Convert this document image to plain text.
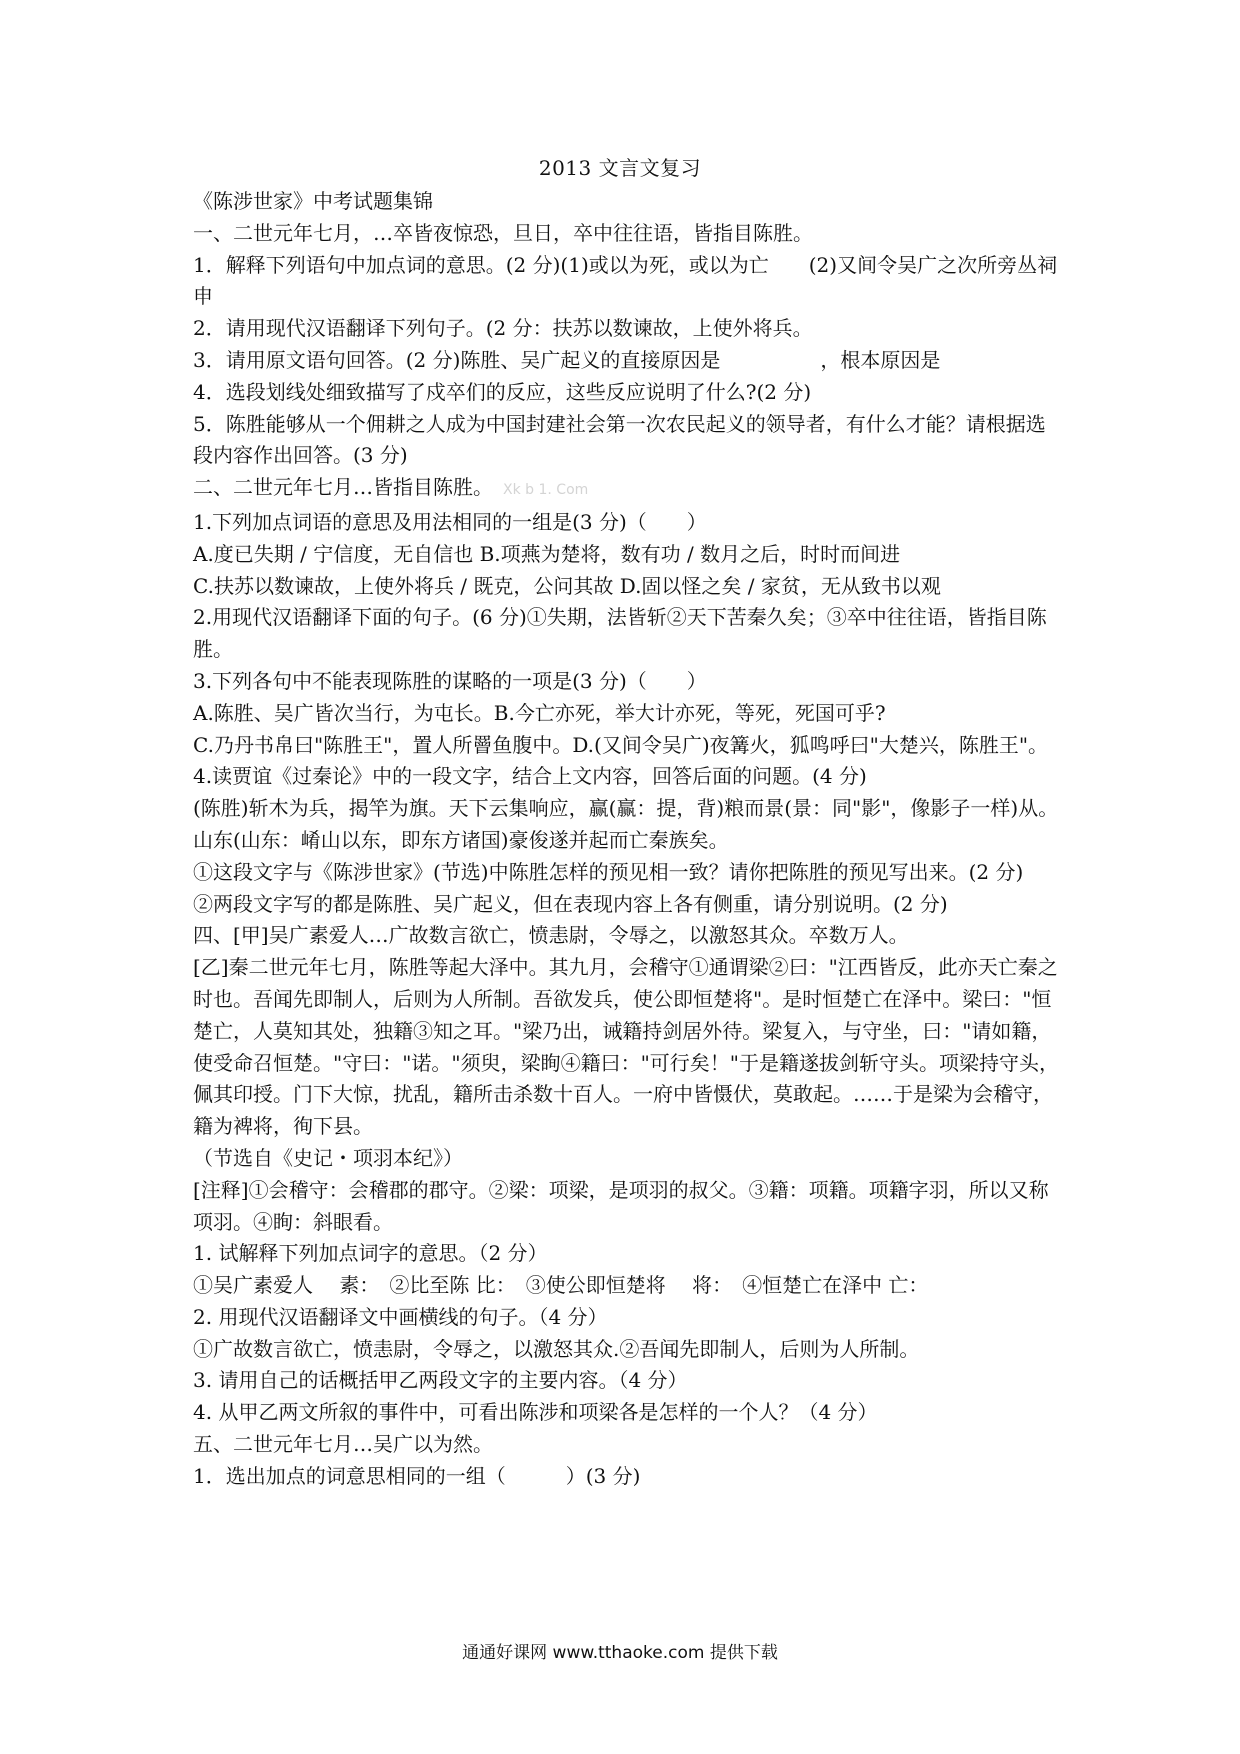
2013 文言文复习

《陈涉世家》中考试题集锦

一、二世元年七月，…卒皆夜惊恐，旦日，卒中往往语，皆指目陈胜。

1．解释下列语句中加点词的意思。(2 分)(1)或以为死，或以为亡　　(2)又间令吴广之次所旁丛祠申

2．请用现代汉语翻译下列句子。(2 分：扶苏以数谏故，上使外将兵。

3．请用原文语句回答。(2 分)陈胜、吴广起义的直接原因是　　　　　，根本原因是

4．选段划线处细致描写了戍卒们的反应，这些反应说明了什么?(2 分)

5．陈胜能够从一个佣耕之人成为中国封建社会第一次农民起义的领导者，有什么才能？请根据选段内容作出回答。(3 分)

二、二世元年七月…皆指目陈胜。 Xk b 1. Com

1.下列加点词语的意思及用法相同的一组是(3 分)（　　）

A.度已失期 / 宁信度，无自信也 B.项燕为楚将，数有功 / 数月之后，时时而间进

C.扶苏以数谏故，上使外将兵 / 既克，公问其故 D.固以怪之矣 / 家贫，无从致书以观

2.用现代汉语翻译下面的句子。(6 分)①失期，法皆斩②天下苦秦久矣；③卒中往往语，皆指目陈胜。

3.下列各句中不能表现陈胜的谋略的一项是(3 分)（　　）

A.陈胜、吴广皆次当行，为屯长。B.今亡亦死，举大计亦死，等死，死国可乎?

C.乃丹书帛曰"陈胜王"，置人所罾鱼腹中。D.(又间令吴广)夜篝火，狐鸣呼曰"大楚兴，陈胜王"。

4.读贾谊《过秦论》中的一段文字，结合上文内容，回答后面的问题。(4 分)

(陈胜)斩木为兵，揭竿为旗。天下云集响应，赢(赢：提，背)粮而景(景：同"影"，像影子一样)从。山东(山东：崤山以东，即东方诸国)豪俊遂并起而亡秦族矣。

①这段文字与《陈涉世家》(节选)中陈胜怎样的预见相一致？请你把陈胜的预见写出来。(2 分)

②两段文字写的都是陈胜、吴广起义，但在表现内容上各有侧重，请分别说明。(2 分)

四、[甲]吴广素爱人…广故数言欲亡，愤恚尉，令辱之，以激怒其众。卒数万人。

[乙]秦二世元年七月，陈胜等起大泽中。其九月，会稽守①通谓梁②曰："江西皆反，此亦天亡秦之时也。吾闻先即制人，后则为人所制。吾欲发兵，使公即恒楚将"。是时恒楚亡在泽中。梁曰："恒楚亡，人莫知其处，独籍③知之耳。"梁乃出，诫籍持剑居外待。梁复入，与守坐，曰："请如籍，使受命召恒楚。"守曰："诺。"须臾，梁眴④籍曰："可行矣！"于是籍遂拔剑斩守头。项梁持守头，佩其印授。门下大惊，扰乱，籍所击杀数十百人。一府中皆慑伏，莫敢起。……于是梁为会稽守，籍为裨将，徇下县。

（节选自《史记・项羽本纪》）

[注释]①会稽守：会稽郡的郡守。②梁：项梁，是项羽的叔父。③籍：项籍。项籍字羽，所以又称项羽。④眴：斜眼看。

1. 试解释下列加点词字的意思。（2 分）

①吴广素爱人　 素：　②比至陈 比：　③使公即恒楚将　 将：　④恒楚亡在泽中 亡：

2. 用现代汉语翻译文中画横线的句子。（4 分）

①广故数言欲亡，愤恚尉，令辱之，以激怒其众.②吾闻先即制人，后则为人所制。

3. 请用自己的话概括甲乙两段文字的主要内容。（4 分）

4. 从甲乙两文所叙的事件中，可看出陈涉和项梁各是怎样的一个人？（4 分）

五、二世元年七月…吴广以为然。

1．选出加点的词意思相同的一组（　　　）(3 分)

通通好课网 www.tthaoke.com 提供下载
